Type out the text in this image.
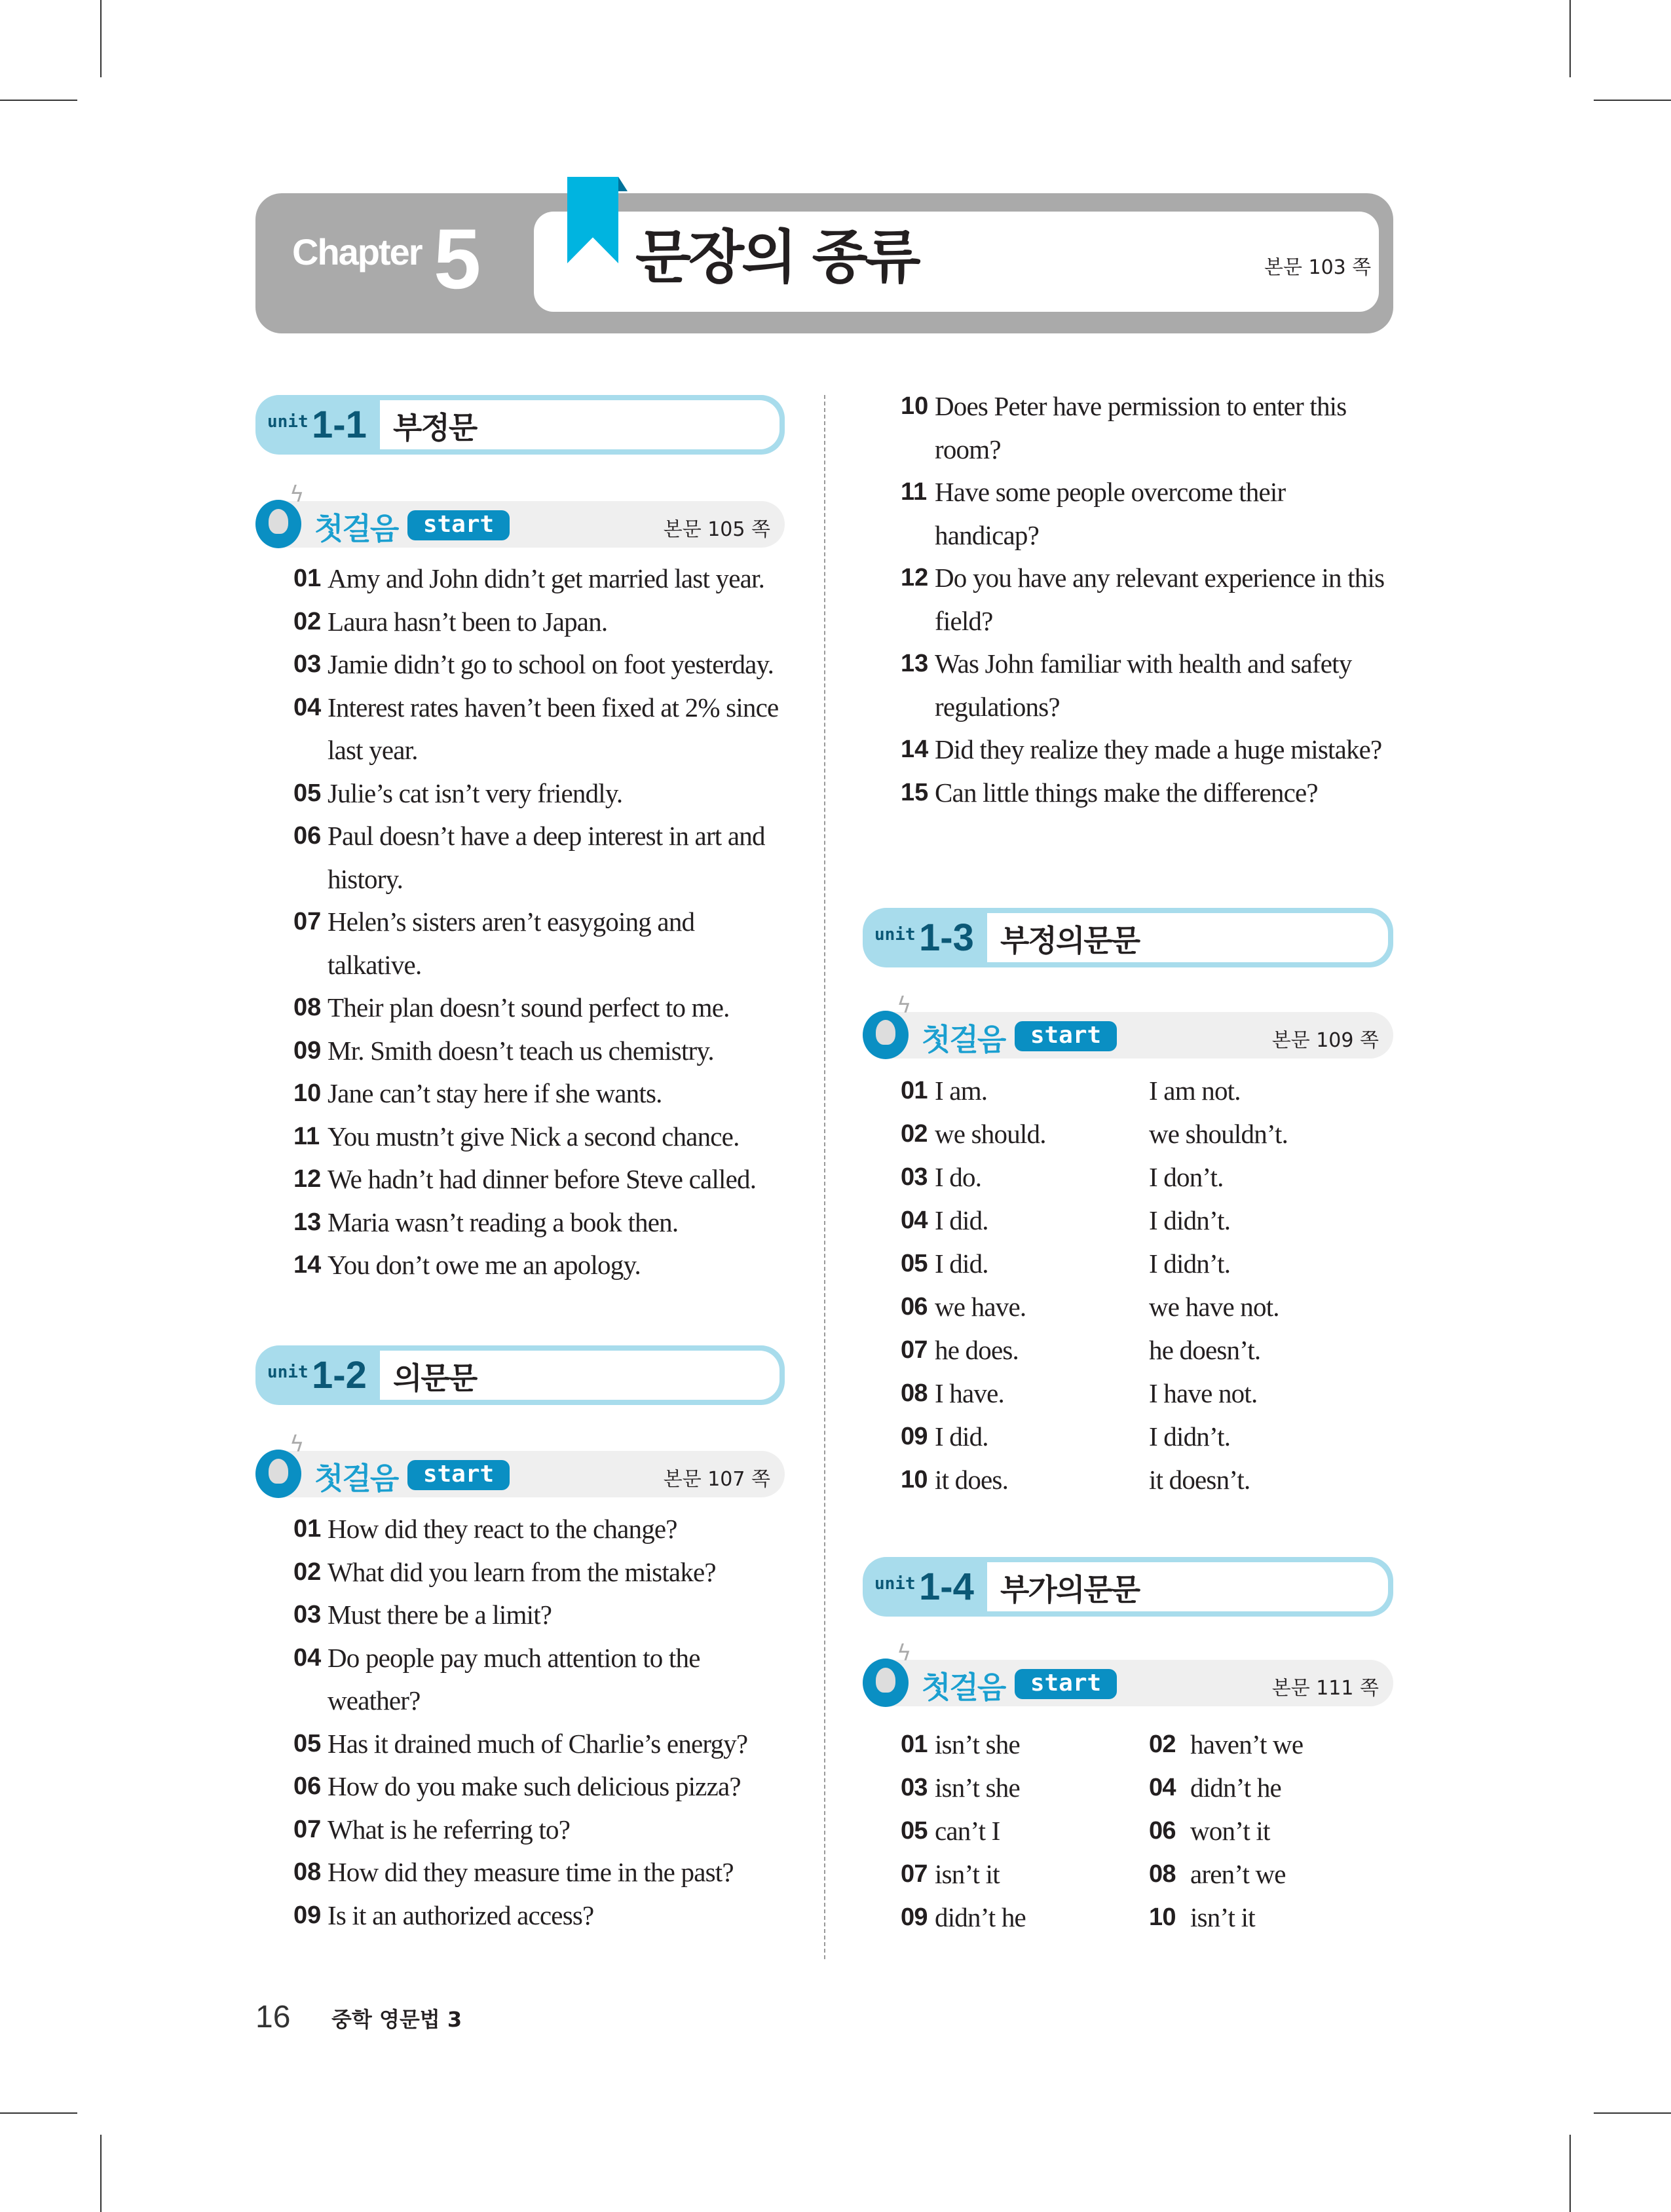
Chapter 5	문장의 종류	본문 103 쪽
unit 1-1 부정문
ϟ
첫걸음	start	본문 105 쪽
01 Amy and John didn’t get married last year.
02 Laura hasn’t been to Japan.
03 Jamie didn’t go to school on foot yesterday.
04 Interest rates haven’t been fixed at 2% since last year.
05 Julie’s cat isn’t very friendly.
06 Paul doesn’t have a deep interest in art and history.
07 Helen’s sisters aren’t easygoing and talkative.
08 Their plan doesn’t sound perfect to me.
09 Mr. Smith doesn’t teach us chemistry.
10 Jane can’t stay here if she wants.
11 You mustn’t give Nick a second chance.
12 We hadn’t had dinner before Steve called.
13 Maria wasn’t reading a book then.
14 You don’t owe me an apology.
unit 1-2 의문문
ϟ
첫걸음	start	본문 107 쪽
01 How did they react to the change?
02 What did you learn from the mistake?
03 Must there be a limit?
04 Do people pay much attention to the weather?
05 Has it drained much of Charlie’s energy?
06 How do you make such delicious pizza?
07 What is he referring to?
08 How did they measure time in the past?
09 Is it an authorized access?
10 Does Peter have permission to enter this room?
11 Have some people overcome their handicap?
12 Do you have any relevant experience in this field?
13 Was John familiar with health and safety regulations?
14 Did they realize they made a huge mistake?
15 Can little things make the difference?
unit 1-3 부정의문문
ϟ
첫걸음	start	본문 109 쪽
01 I am.	I am not.
02 we should.	we shouldn’t.
03 I do.	I don’t.
04 I did.	I didn’t.
05 I did.	I didn’t.
06 we have.	we have not.
07 he does.	he doesn’t.
08 I have.	I have not.
09 I did.	I didn’t.
10 it does.	it doesn’t.
unit 1-4 부가의문문
ϟ
첫걸음	start	본문 111 쪽
01 isn’t she	02 haven’t we
03 isn’t she	04 didn’t he
05 can’t I	06 won’t it
07 isn’t it	08 aren’t we
09 didn’t he	10 isn’t it
16 중학 영문법 3
